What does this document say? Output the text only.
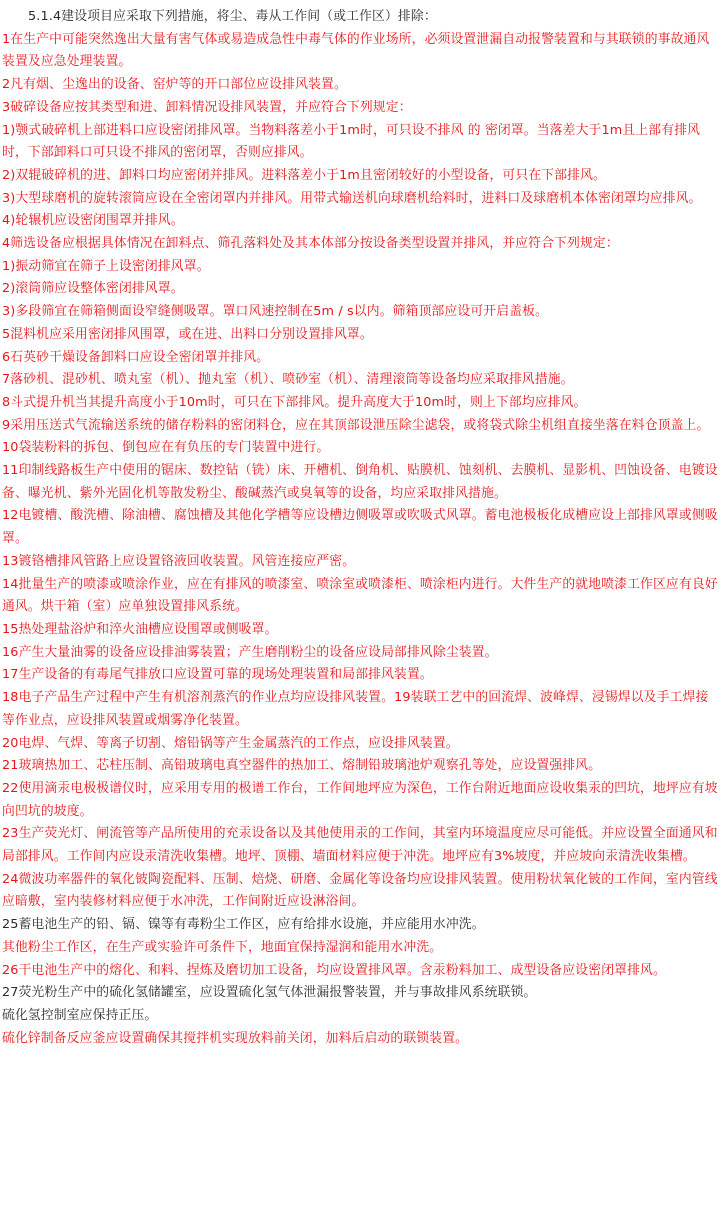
5.1.4建设项目应采取下列措施，将尘、毒从工作间（或工作区）排除：

1在生产中可能突然逸出大量有害气体或易造成急性中毒气体的作业场所，必须设置泄漏自动报警装置和与其联锁的事故通风装置及应急处理装置。

2凡有烟、尘逸出的设备、窑炉等的开口部位应设排风装置。

3破碎设备应按其类型和进、卸料情况设排风装置，并应符合下列规定：

1)颚式破碎机上部进料口应设密闭排风罩。当物料落差小于1m时，可只设不排风 的 密闭罩。当落差大于1m且上部有排风时，下部卸料口可只设不排风的密闭罩，否则应排风。

2)双辊破碎机的进、卸料口均应密闭并排风。进料落差小于1m且密闭较好的小型设备，可只在下部排风。

3)大型球磨机的旋转滚筒应设在全密闭罩内并排风。用带式输送机向球磨机给料时，进料口及球磨机本体密闭罩均应排风。

4)轮辗机应设密闭围罩并排风。

4筛选设备应根据具体情况在卸料点、筛孔落料处及其本体部分按设备类型设置并排风，并应符合下列规定：

1)振动筛宜在筛子上设密闭排风罩。

2)滚筒筛应设整体密闭排风罩。

3)多段筛宜在筛箱侧面设窄缝侧吸罩。罩口风速控制在5m / s以内。筛箱顶部应设可开启盖板。

5混料机应采用密闭排风围罩，或在进、出料口分别设置排风罩。

6石英砂干燥设备卸料口应设全密闭罩并排风。

7落砂机、混砂机、喷丸室（机）、抛丸室（机）、喷砂室（机）、清理滚筒等设备均应采取排风措施。

8斗式提升机当其提升高度小于10m时，可只在下部排风。提升高度大于10m时，则上下部均应排风。

9采用压送式气流输送系统的储存粉料的密闭料仓，应在其顶部设泄压除尘滤袋，或将袋式除尘机组直接坐落在料仓顶盖上。

10袋装粉料的拆包、倒包应在有负压的专门装置中进行。

11印制线路板生产中使用的锯床、数控钻（铣）床、开槽机、倒角机、贴膜机、蚀刻机、去膜机、显影机、凹蚀设备、电镀设备、曝光机、紫外光固化机等散发粉尘、酸碱蒸汽或臭氧等的设备，均应采取排风措施。

12电镀槽、酸洗槽、除油槽、腐蚀槽及其他化学槽等应设槽边侧吸罩或吹吸式风罩。蓄电池极板化成槽应设上部排风罩或侧吸罩。

13镀铬槽排风管路上应设置铬液回收装置。风管连接应严密。

14批量生产的喷漆或喷涂作业，应在有排风的喷漆室、喷涂室或喷漆柜、喷涂柜内进行。大件生产的就地喷漆工作区应有良好通风。烘干箱（室）应单独设置排风系统。

15热处理盐浴炉和淬火油槽应设围罩或侧吸罩。

16产生大量油雾的设备应设排油雾装置；产生磨削粉尘的设备应设局部排风除尘装置。

17生产设备的有毒尾气排放口应设置可靠的现场处理装置和局部排风装置。

18电子产品生产过程中产生有机溶剂蒸汽的作业点均应设排风装置。19装联工艺中的回流焊、波峰焊、浸锡焊以及手工焊接等作业点，应设排风装置或烟雾净化装置。

20电焊、气焊、等离子切割、熔铅锅等产生金属蒸汽的工作点，应设排风装置。

21玻璃热加工、芯柱压制、高铅玻璃电真空器件的热加工、熔制铅玻璃池炉观察孔等处，应设置强排风。

22使用滴汞电极极谱仪时，应采用专用的极谱工作台，工作间地坪应为深色，工作台附近地面应设收集汞的凹坑，地坪应有坡向凹坑的坡度。

23生产荧光灯、闸流管等产品所使用的充汞设备以及其他使用汞的工作间，其室内环境温度应尽可能低。并应设置全面通风和局部排风。工作间内应设汞清洗收集槽。地坪、顶棚、墙面材料应便于冲洗。地坪应有3%坡度，并应坡向汞清洗收集槽。

24微波功率器件的氧化铍陶瓷配料、压制、焙烧、研磨、金属化等设备均应设排风装置。使用粉状氧化铍的工作间，室内管线应暗敷，室内装修材料应便于水冲洗，工作间附近应设淋浴间。

25蓄电池生产的铅、镉、镍等有毒粉尘工作区，应有给排水设施，并应能用水冲洗。

其他粉尘工作区，在生产或实验许可条件下，地面宜保持湿润和能用水冲洗。

26干电池生产中的熔化、和料、捏炼及磨切加工设备，均应设置排风罩。含汞粉料加工、成型设备应设密闭罩排风。

27荧光粉生产中的硫化氢储罐室，应设置硫化氢气体泄漏报警装置，并与事故排风系统联锁。

硫化氢控制室应保持正压。

硫化锌制备反应釜应设置确保其搅拌机实现放料前关闭，加料后启动的联锁装置。
